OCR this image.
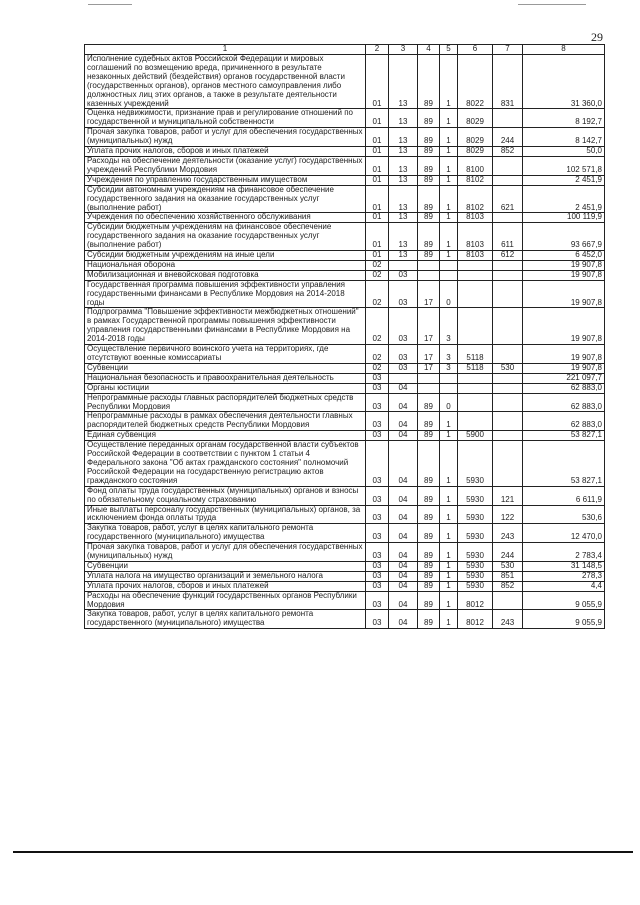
29
1	2	3	4	5	6	7	8
Исполнение судебных актов Российской Федерации и мировых соглашений по возмещению вреда, причиненного в результате незаконных действий (бездействия) органов государственной власти (государственных органов), органов местного самоуправления либо должностных лиц этих органов, а также в результате деятельности казенных учреждений	01	13	89	1	8022	831	31 360,0
Оценка недвижимости, признание прав и регулирование отношений по государственной и муниципальной собственности	01	13	89	1	8029		8 192,7
Прочая закупка товаров, работ и услуг для обеспечения государственных (муниципальных) нужд	01	13	89	1	8029	244	8 142,7
Уплата прочих налогов, сборов и иных платежей	01	13	89	1	8029	852	50,0
Расходы на обеспечение деятельности (оказание услуг) государственных учреждений Республики Мордовия	01	13	89	1	8100		102 571,8
Учреждения по управлению государственным имуществом	01	13	89	1	8102		2 451,9
Субсидии автономным учреждениям на финансовое обеспечение государственного задания на оказание государственных услуг (выполнение работ)	01	13	89	1	8102	621	2 451,9
Учреждения по обеспечению хозяйственного обслуживания	01	13	89	1	8103		100 119,9
Субсидии бюджетным учреждениям на финансовое обеспечение государственного задания на оказание государственных услуг (выполнение работ)	01	13	89	1	8103	611	93 667,9
Субсидии бюджетным учреждениям на иные цели	01	13	89	1	8103	612	6 452,0
Национальная оборона	02						19 907,8
Мобилизационная и вневойсковая подготовка	02	03					19 907,8
Государственная программа повышения эффективности управления государственными финансами в Республике Мордовия на 2014-2018 годы	02	03	17	0			19 907,8
Подпрограмма "Повышение эффективности межбюджетных отношений" в рамках Государственной программы повышения эффективности управления государственными финансами в Республике Мордовия на 2014-2018 годы	02	03	17	3			19 907,8
Осуществление первичного воинского учета на территориях, где отсутствуют военные комиссариаты	02	03	17	3	5118		19 907,8
Субвенции	02	03	17	3	5118	530	19 907,8
Национальная безопасность и правоохранительная деятельность	03						221 097,7
Органы юстиции	03	04					62 883,0
Непрограммные расходы главных распорядителей бюджетных средств Республики Мордовия	03	04	89	0			62 883,0
Непрограммные расходы в рамках обеспечения деятельности главных распорядителей бюджетных средств Республики Мордовия	03	04	89	1			62 883,0
Единая субвенция	03	04	89	1	5900		53 827,1
Осуществление переданных органам государственной власти субъектов Российской Федерации в соответствии с пунктом 1 статьи 4 Федерального закона "Об актах гражданского состояния" полномочий Российской Федерации на государственную регистрацию актов гражданского состояния	03	04	89	1	5930		53 827,1
Фонд оплаты труда государственных (муниципальных) органов и взносы по обязательному социальному страхованию	03	04	89	1	5930	121	6 611,9
Иные выплаты персоналу государственных (муниципальных) органов, за исключением фонда оплаты труда	03	04	89	1	5930	122	530,6
Закупка товаров, работ, услуг в целях капитального ремонта государственного (муниципального) имущества	03	04	89	1	5930	243	12 470,0
Прочая закупка товаров, работ и услуг для обеспечения государственных (муниципальных) нужд	03	04	89	1	5930	244	2 783,4
Субвенции	03	04	89	1	5930	530	31 148,5
Уплата налога на имущество организаций и земельного налога	03	04	89	1	5930	851	278,3
Уплата прочих налогов, сборов и иных платежей	03	04	89	1	5930	852	4,4
Расходы на обеспечение функций государственных органов Республики Мордовия	03	04	89	1	8012		9 055,9
Закупка товаров, работ, услуг в целях капитального ремонта государственного (муниципального) имущества	03	04	89	1	8012	243	9 055,9
